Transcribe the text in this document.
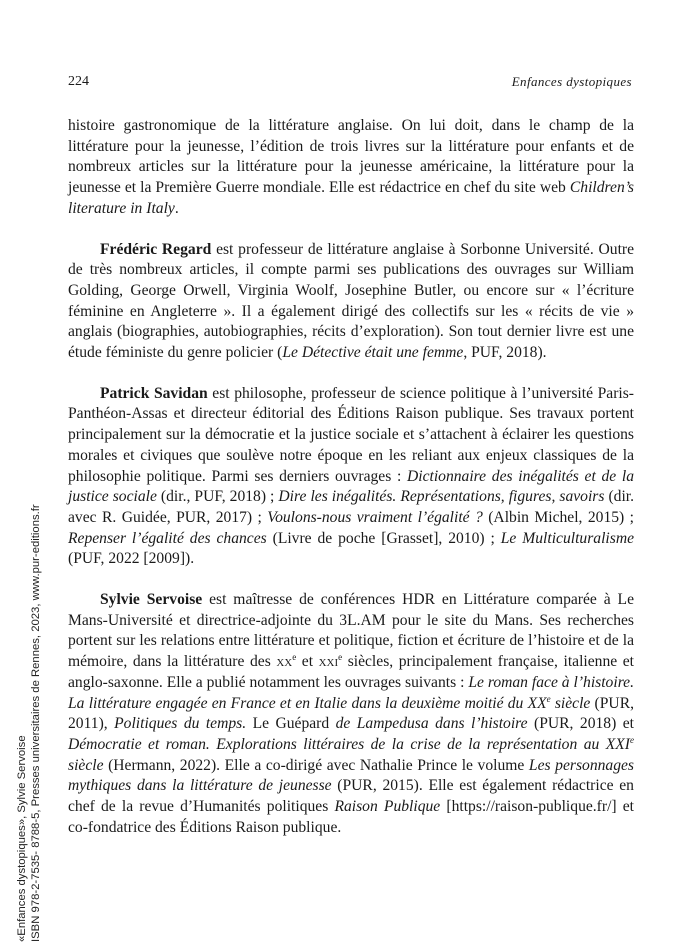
224	Enfances dystopiques
«Enfances dystopiques», Sylvie Servoise ISBN 978-2-7535- 8788-5, Presses universitaires de Rennes, 2023, www.pur-editions.fr

histoire gastronomique de la littérature anglaise. On lui doit, dans le champ de la littérature pour la jeunesse, l’édition de trois livres sur la littérature pour enfants et de nombreux articles sur la littérature pour la jeunesse américaine, la littérature pour la jeunesse et la Première Guerre mondiale. Elle est rédactrice en chef du site web Children’s literature in Italy.

Frédéric Regard est professeur de littérature anglaise à Sorbonne Université. Outre de très nombreux articles, il compte parmi ses publications des ouvrages sur William Golding, George Orwell, Virginia Woolf, Josephine Butler, ou encore sur « l’écriture féminine en Angleterre ». Il a également dirigé des collectifs sur les « récits de vie » anglais (biographies, autobiographies, récits d’exploration). Son tout dernier livre est une étude féministe du genre policier (Le Détective était une femme, PUF, 2018).

Patrick Savidan est philosophe, professeur de science politique à l’université Paris-Panthéon-Assas et directeur éditorial des Éditions Raison publique. Ses travaux portent principalement sur la démocratie et la justice sociale et s’attachent à éclairer les questions morales et civiques que soulève notre époque en les reliant aux enjeux classiques de la philosophie politique. Parmi ses derniers ouvrages : Dictionnaire des inégalités et de la justice sociale (dir., PUF, 2018) ; Dire les inégalités. Représentations, figures, savoirs (dir. avec R. Guidée, PUR, 2017) ; Voulons-nous vraiment l’égalité ? (Albin Michel, 2015) ; Repenser l’égalité des chances (Livre de poche [Grasset], 2010) ; Le Multiculturalisme (PUF, 2022 [2009]).

Sylvie Servoise est maîtresse de conférences HDR en Littérature comparée à Le Mans-Université et directrice-adjointe du 3L.AM pour le site du Mans. Ses recherches portent sur les relations entre littérature et politique, fiction et écriture de l’histoire et de la mémoire, dans la littérature des $xx^e$ et xxi$^e$ siècles, principalement française, italienne et anglo-saxonne. Elle a publié notamment les ouvrages suivants : Le roman face à l’histoire. La littérature engagée en France et en Italie dans la deuxième moitié du XXe siècle (PUR, 2011), Politiques du temps. Le Guépard de Lampedusa dans l’histoire (PUR, 2018) et Démocratie et roman. Explorations littéraires de la crise de la représentation au XXIe siècle (Hermann, 2022). Elle a co-dirigé avec Nathalie Prince le volume Les personnages mythiques dans la littérature de jeunesse (PUR, 2015). Elle est également rédactrice en chef de la revue d’Humanités politiques Raison Publique [https://raison-publique.fr/] et co-fondatrice des Éditions Raison publique.
